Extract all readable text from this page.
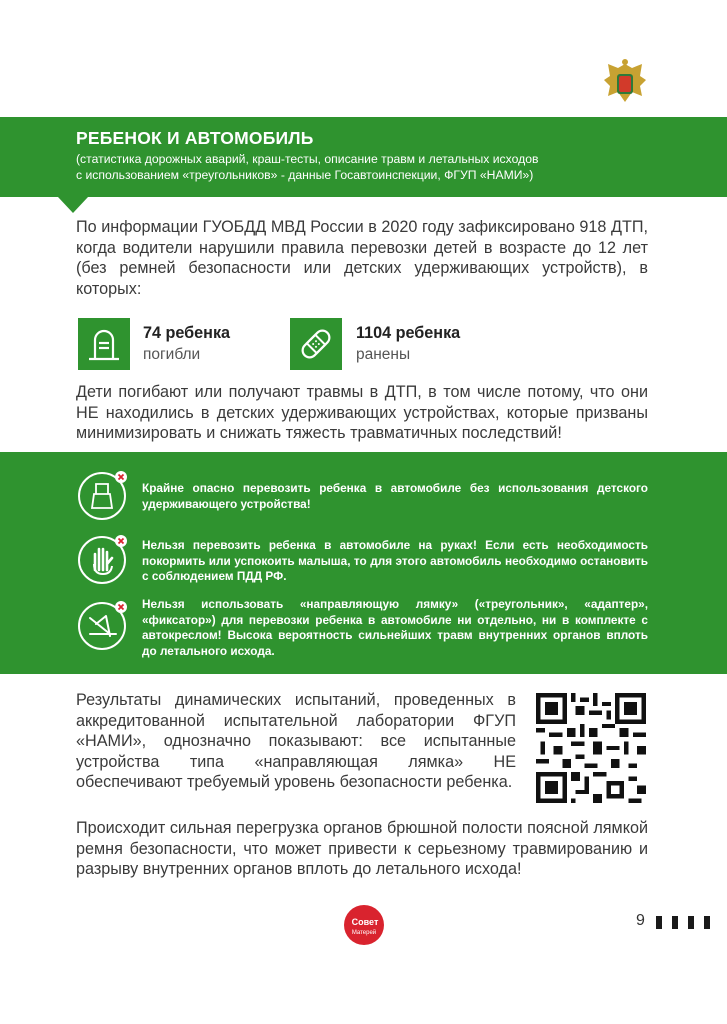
РЕБЕНОК И АВТОМОБИЛЬ
(статистика дорожных аварий, краш-тесты, описание травм и летальных исходов
с использованием «треугольников» - данные Госавтоинспекции, ФГУП «НАМИ»)
По информации ГУОБДД МВД России в 2020 году зафиксировано 918 ДТП, когда водители нарушили правила перевозки детей в возрасте до 12 лет (без ремней безопасности или детских удерживающих устройств), в которых:
74 ребенка
погибли
1104 ребенка
ранены
Дети погибают или получают травмы в ДТП, в том числе потому, что они НЕ находились в детских удерживающих устройствах, которые призваны минимизировать и снижать тяжесть травматичных последствий!
Крайне опасно перевозить ребенка в автомобиле без использования детского удерживающего устройства!
Нельзя перевозить ребенка в автомобиле на руках! Если есть необходимость покормить или успокоить малыша, то для этого автомобиль необходимо остановить с соблюдением ПДД РФ.
Нельзя использовать «направляющую лямку» («треугольник», «адаптер», «фиксатор») для перевозки ребенка в автомобиле ни отдельно, ни в комплекте с автокреслом! Высока вероятность сильнейших травм внутренних органов вплоть до летального исхода.
Результаты динамических испытаний, проведенных в аккредитованной испытательной лаборатории ФГУП «НАМИ», однозначно показывают: все испытанные устройства типа «направляющая лямка» НЕ обеспечивают требуемый уровень безопасности ребенка.
Происходит сильная перегрузка органов брюшной полости поясной лямкой ремня безопасности, что может привести к серьезному травмированию и разрыву внутренних органов вплоть до летального исхода!
Совет
Матерей
9
